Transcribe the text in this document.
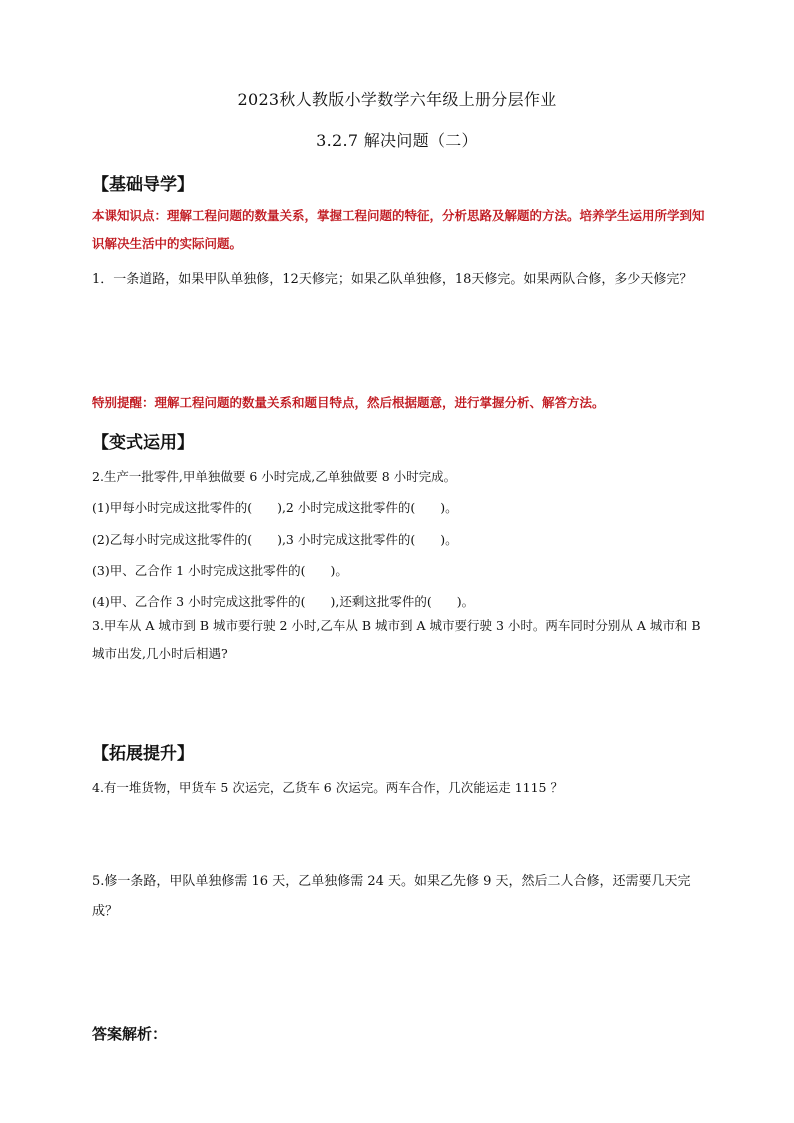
2023秋人教版小学数学六年级上册分层作业
3.2.7 解决问题（二）
【基础导学】
本课知识点：理解工程问题的数量关系，掌握工程问题的特征，分析思路及解题的方法。培养学生运用所学到知识解决生活中的实际问题。
1．一条道路，如果甲队单独修，12天修完；如果乙队单独修，18天修完。如果两队合修，多少天修完？
特别提醒：理解工程问题的数量关系和题目特点，然后根据题意，进行掌握分析、解答方法。
【变式运用】
2.生产一批零件,甲单独做要 6 小时完成,乙单独做要 8 小时完成。
(1)甲每小时完成这批零件的(　　),2 小时完成这批零件的(　　)。
(2)乙每小时完成这批零件的(　　),3 小时完成这批零件的(　　)。
(3)甲、乙合作 1 小时完成这批零件的(　　)。
(4)甲、乙合作 3 小时完成这批零件的(　　),还剩这批零件的(　　)。
3.甲车从 A 城市到 B 城市要行驶 2 小时,乙车从 B 城市到 A 城市要行驶 3 小时。两车同时分别从 A 城市和 B 城市出发,几小时后相遇?
【拓展提升】
4.有一堆货物，甲货车 5 次运完，乙货车 6 次运完。两车合作，几次能运走 1115 ？
5.修一条路，甲队单独修需 16 天，乙单独修需 24 天。如果乙先修 9 天，然后二人合修，还需要几天完成？
答案解析：
